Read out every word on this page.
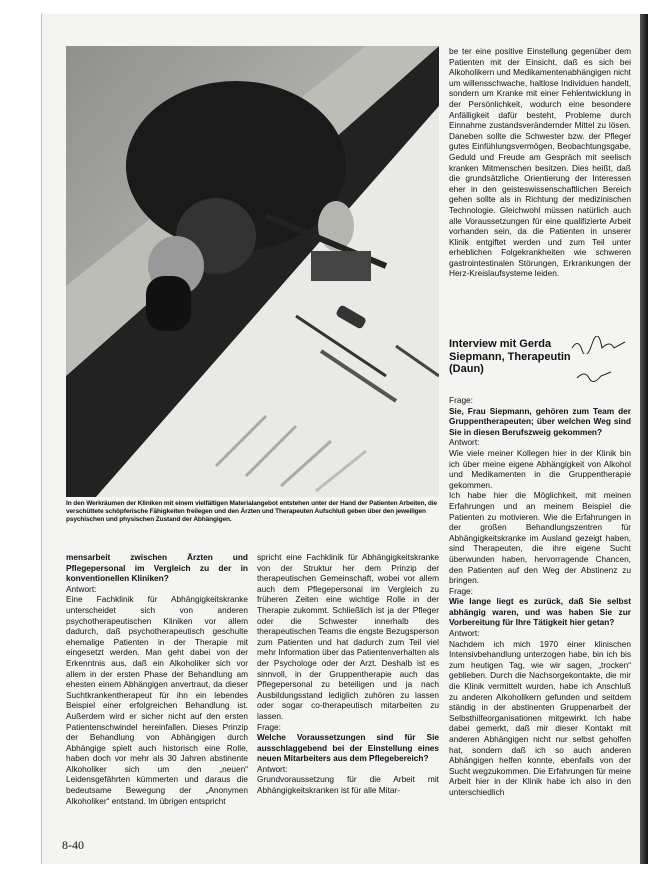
In den Werkräumen der Kliniken mit einem vielfältigen Materialangebot entstehen unter der Hand der Patienten Arbeiten, die verschüttete schöpferische Fähigkeiten freilegen und den Ärzten und Therapeuten Aufschluß geben über den jeweiligen psychischen und physischen Zustand der Abhängigen.

mensarbeit zwischen Ärzten und Pflegepersonal im Vergleich zu der in konventionellen Kliniken?

Antwort:

Eine Fachklinik für Abhängigkeitskranke unterscheidet sich von anderen psychotherapeutischen Kliniken vor allem dadurch, daß psychotherapeutisch geschulte ehemalige Patienten in der Therapie mit eingesetzt werden. Man geht dabei von der Erkenntnis aus, daß ein Alkoholiker sich vor allem in der ersten Phase der Behandlung am ehesten einem Abhängigen anvertraut, da dieser Suchtkrankentherapeut für ihn ein lebendes Beispiel einer erfolgreichen Behandlung ist. Außerdem wird er sicher nicht auf den ersten Patientenschwindel hereinfallen. Dieses Prinzip der Behandlung von Abhängigen durch Abhängige spielt auch historisch eine Rolle, haben doch vor mehr als 30 Jahren abstinente Alkoholiker sich um den „neuen“ Leidensgefährten kümmerten und daraus die bedeutsame Bewegung der „Anonymen Alkoholiker“ entstand. Im übrigen entspricht

spricht eine Fachklinik für Abhängigkeitskranke von der Struktur her dem Prinzip der therapeutischen Gemeinschaft, wobei vor allem auch dem Pflegepersonal im Vergleich zu früheren Zeiten eine wichtige Rolle in der Therapie zukommt. Schließlich ist ja der Pfleger oder die Schwester innerhalb des therapeutischen Teams die engste Bezugsperson zum Patienten und hat dadurch zum Teil viel mehr Information über das Patientenverhalten als der Psychologe oder der Arzt. Deshalb ist es sinnvoll, in der Gruppentherapie auch das Pflegepersonal zu beteiligen und ja nach Ausbildungsstand lediglich zuhören zu lassen oder sogar co-therapeutisch mitarbeiten zu lassen.

Frage:

Welche Voraussetzungen sind für Sie ausschlaggebend bei der Einstellung eines neuen Mitarbeiters aus dem Pflegebereich?

Antwort:

Grundvoraussetzung für die Arbeit mit Abhängigkeitskranken ist für alle Mitar-

be ter eine positive Einstellung gegenüber dem Patienten mit der Einsicht, daß es sich bei Alkoholikern und Medikamentenabhängigen nicht um willensschwache, haltlose Individuen handelt, sondern um Kranke mit einer Fehlentwicklung in der Persönlichkeit, wodurch eine besondere Anfälligkeit dafür besteht, Probleme durch Einnahme zustandsverändernder Mittel zu lösen. Daneben sollte die Schwester bzw. der Pfleger gutes Einfühlungsvermögen, Beobachtungsgabe, Geduld und Freude am Gespräch mit seelisch kranken Mitmenschen besitzen. Dies heißt, daß die grundsätzliche Orientierung der Interessen eher in den geisteswissenschaftlichen Bereich gehen sollte als in Richtung der medizinischen Technologie. Gleichwohl müssen natürlich auch alle Voraussetzungen für eine qualifizierte Arbeit vorhanden sein, da die Patienten in unserer Klinik entgiftet werden und zum Teil unter erheblichen Folgekrankheiten wie schweren gastrointestinalen Störungen, Erkrankungen der Herz-Kreislaufsysteme leiden.
Interview mit Gerda Siepmann, Therapeutin (Daun)

Frage:

Sie, Frau Siepmann, gehören zum Team der Gruppentherapeuten; über welchen Weg sind Sie in diesen Berufszweig gekommen?

Antwort:

Wie viele meiner Kollegen hier in der Klinik bin ich über meine eigene Abhängigkeit von Alkohol und Medikamenten in die Gruppentherapie gekommen.

Ich habe hier die Möglichkeit, mit meinen Erfahrungen und an meinem Beispiel die Patienten zu motivieren. Wie die Erfahrungen in der großen Behandlungszentren für Abhängigkeitskranke im Ausland gezeigt haben, sind Therapeuten, die ihre eigene Sucht überwunden haben, hervorragende Chancen, den Patienten auf den Weg der Abstinenz zu bringen.

Frage:

Wie lange liegt es zurück, daß Sie selbst abhängig waren, und was haben Sie zur Vorbereitung für Ihre Tätigkeit hier getan?

Antwort:

Nachdem ich mich 1970 einer klinischen Intensivbehandlung unterzogen habe, bin ich bis zum heutigen Tag, wie wir sagen, „trocken“ geblieben. Durch die Nachsorgekontakte, die mir die Klinik vermittelt wurden, habe ich Anschluß zu anderen Alkoholikern gefunden und seitdem ständig in der abstinenten Gruppenarbeit der Selbsthilfeorganisationen mitgewirkt. Ich habe dabei gemerkt, daß mir dieser Kontakt mit anderen Abhängigen nicht nur selbst geholfen hat, sondern daß ich so auch anderen Abhängigen helfen konnte, ebenfalls von der Sucht wegzukommen. Die Erfahrungen für meine Arbeit hier in der Klinik habe ich also in den unterschiedlich

8-40
